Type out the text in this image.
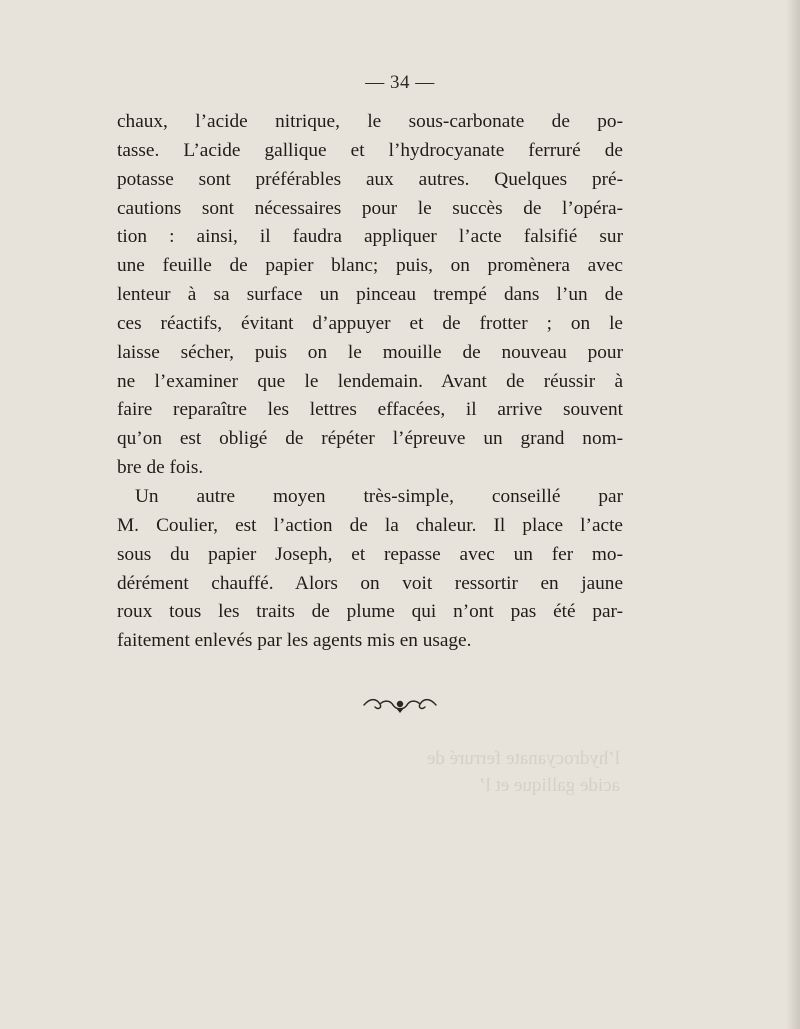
— 34 —
chaux, l’acide nitrique, le sous-carbonate de po-
tasse. L’acide gallique et l’hydrocyanate ferruré de
potasse sont préférables aux autres. Quelques pré-
cautions sont nécessaires pour le succès de l’opéra-
tion : ainsi, il faudra appliquer l’acte falsifié sur
une feuille de papier blanc; puis, on promènera avec
lenteur à sa surface un pinceau trempé dans l’un de
ces réactifs, évitant d’appuyer et de frotter ; on le
laisse sécher, puis on le mouille de nouveau pour
ne l’examiner que le lendemain. Avant de réussir à
faire reparaître les lettres effacées, il arrive souvent
qu’on est obligé de répéter l’épreuve un grand nom-
bre de fois.
Un autre moyen très-simple, conseillé par
M. Coulier, est l’action de la chaleur. Il place l’acte
sous du papier Joseph, et repasse avec un fer mo-
dérément chauffé. Alors on voit ressortir en jaune
roux tous les traits de plume qui n’ont pas été par-
faitement enlevés par les agents mis en usage.
l’hydrocyanate ferruré de
acide gallique et l’
